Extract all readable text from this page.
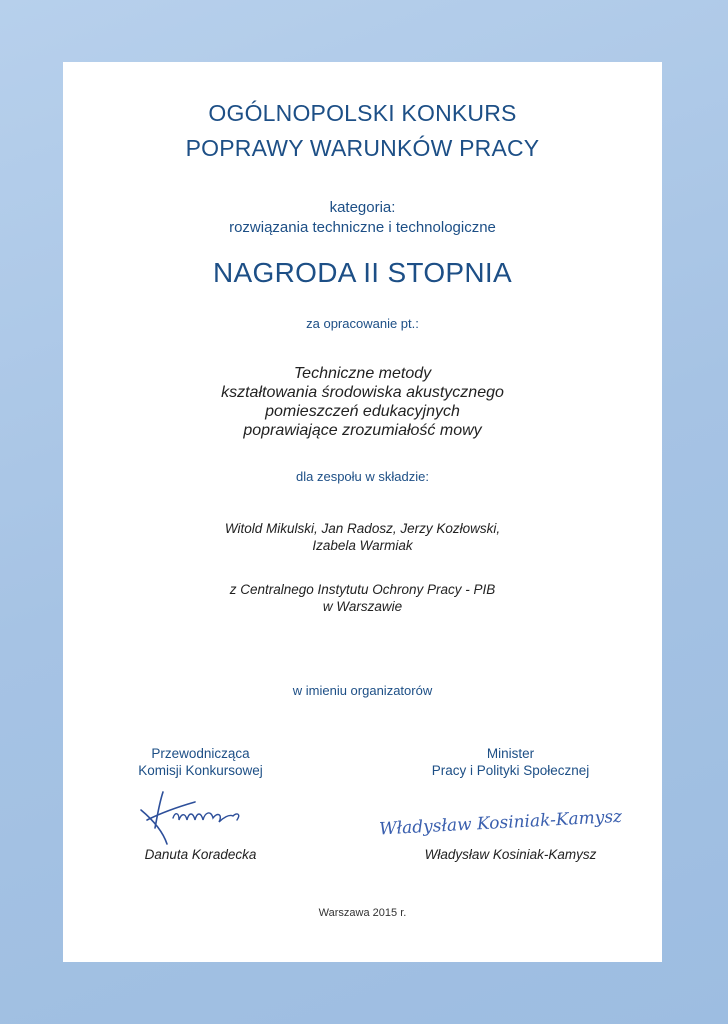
OGÓLNOPOLSKI KONKURS
POPRAWY WARUNKÓW PRACY
kategoria:
rozwiązania techniczne i technologiczne
NAGRODA II STOPNIA
za opracowanie pt.:
Techniczne metody
kształtowania środowiska akustycznego
pomieszczeń edukacyjnych
poprawiające zrozumiałość mowy
dla zespołu w składzie:
Witold Mikulski, Jan Radosz, Jerzy Kozłowski,
Izabela Warmiak
z Centralnego Instytutu Ochrony Pracy - PIB
w Warszawie
w imieniu organizatorów
Przewodnicząca
Komisji Konkursowej
Minister
Pracy i Polityki Społecznej
Władysław Kosiniak-Kamysz
Danuta Koradecka	Władysław Kosiniak-Kamysz
Warszawa 2015 r.
